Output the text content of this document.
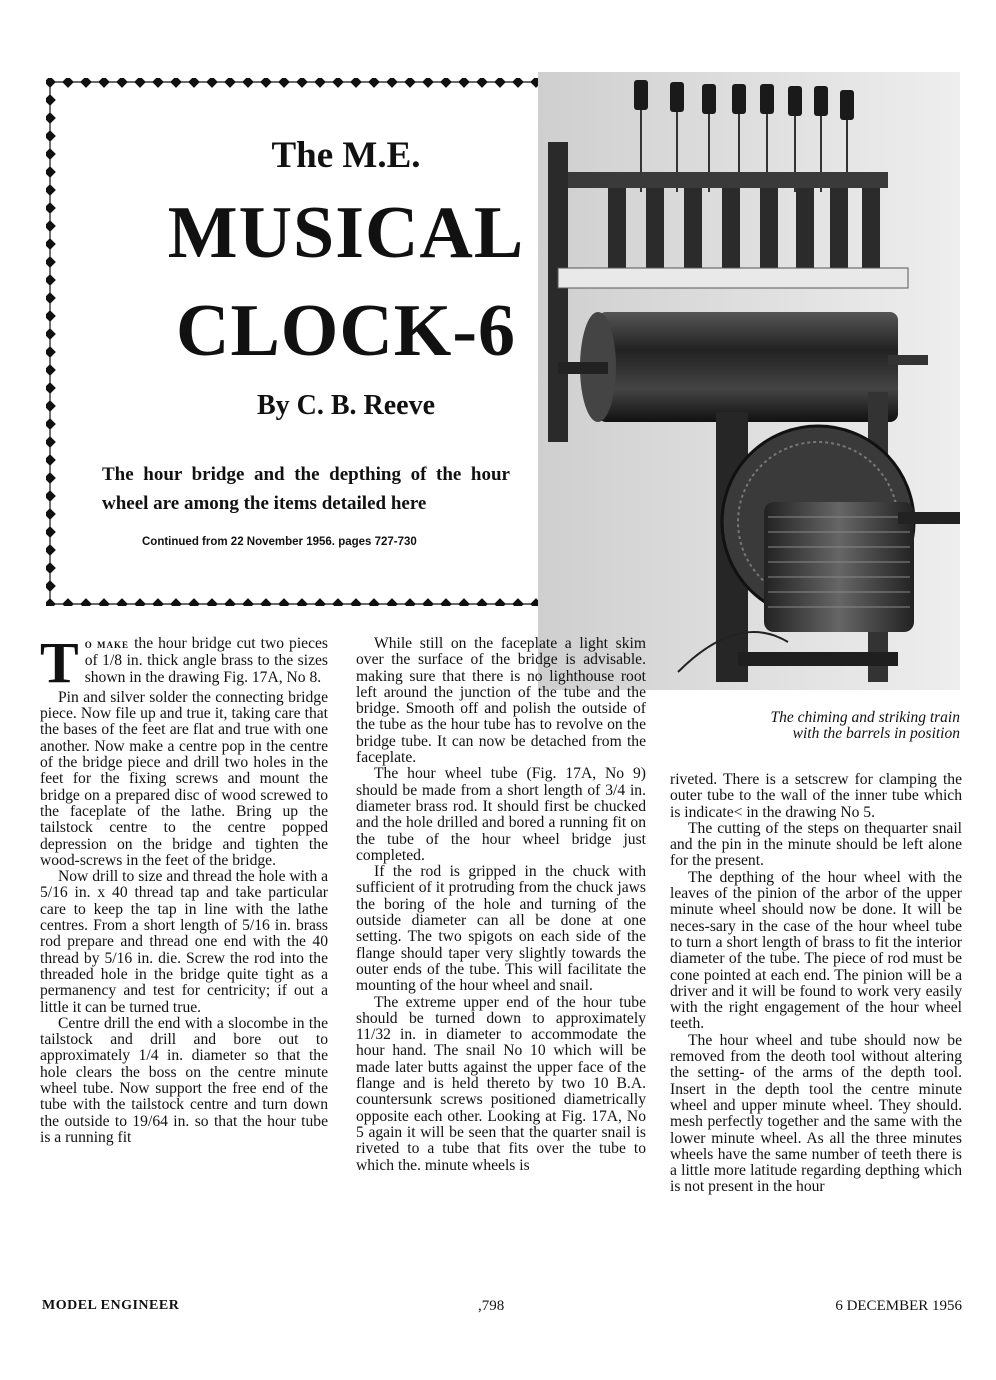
The M.E.
MUSICAL
CLOCK-6
By C. B. Reeve
The hour bridge and the depthing of the hour wheel are among the items detailed here
Continued from 22 November 1956. pages 727-730
The chiming and striking train
with the barrels in position

T O MAKE the hour bridge cut two pieces of 1/8 in. thick angle brass to the sizes shown in the drawing Fig. 17A, No 8.

Pin and silver solder the connecting bridge piece. Now file up and true it, taking care that the bases of the feet are flat and true with one another. Now make a centre pop in the centre of the bridge piece and drill two holes in the feet for the fixing screws and mount the bridge on a prepared disc of wood screwed to the faceplate of the lathe. Bring up the tailstock centre to the centre popped depression on the bridge and tighten the wood-screws in the feet of the bridge.

Now drill to size and thread the hole with a 5/16 in. x 40 thread tap and take particular care to keep the tap in line with the lathe centres. From a short length of 5/16 in. brass rod prepare and thread one end with the 40 thread by 5/16 in. die. Screw the rod into the threaded hole in the bridge quite tight as a permanency and test for centricity; if out a little it can be turned true.

Centre drill the end with a slocombe in the tailstock and drill and bore out to approximately 1/4 in. diameter so that the hole clears the boss on the centre minute wheel tube. Now support the free end of the tube with the tailstock centre and turn down the outside to 19/64 in. so that the hour tube is a running fit

While still on the faceplate a light skim over the surface of the bridge is advisable. making sure that there is no lighthouse root left around the junction of the tube and the bridge. Smooth off and polish the outside of the tube as the hour tube has to revolve on the bridge tube. It can now be detached from the faceplate.

The hour wheel tube (Fig. 17A, No 9) should be made from a short length of 3/4 in. diameter brass rod. It should first be chucked and the hole drilled and bored a running fit on the tube of the hour wheel bridge just completed.

If the rod is gripped in the chuck with sufficient of it protruding from the chuck jaws the boring of the hole and turning of the outside diameter can all be done at one setting. The two spigots on each side of the flange should taper very slightly towards the outer ends of the tube. This will facilitate the mounting of the hour wheel and snail.

The extreme upper end of the hour tube should be turned down to approximately 11/32 in. in diameter to accommodate the hour hand. The snail No 10 which will be made later butts against the upper face of the flange and is held thereto by two 10 B.A. countersunk screws positioned diametrically opposite each other. Looking at Fig. 17A, No 5 again it will be seen that the quarter snail is riveted to a tube that fits over the tube to which the. minute wheels is

riveted. There is a setscrew for clamping the outer tube to the wall of the inner tube which is indicate< in the drawing No 5.

The cutting of the steps on thequarter snail and the pin in the minute should be left alone for the present.

The depthing of the hour wheel with the leaves of the pinion of the arbor of the upper minute wheel should now be done. It will be neces-sary in the case of the hour wheel tube to turn a short length of brass to fit the interior diameter of the tube. The piece of rod must be cone pointed at each end. The pinion will be a driver and it will be found to work very easily with the right engagement of the hour wheel teeth.

The hour wheel and tube should now be removed from the deoth tool without altering the setting- of the arms of the depth tool. Insert in the depth tool the centre minute wheel and upper minute wheel. They should. mesh perfectly together and the same with the lower minute wheel. As all the three minutes wheels have the same number of teeth there is a little more latitude regarding depthing which is not present in the hour

MODEL ENGINEER	,798	6 DECEMBER 1956
